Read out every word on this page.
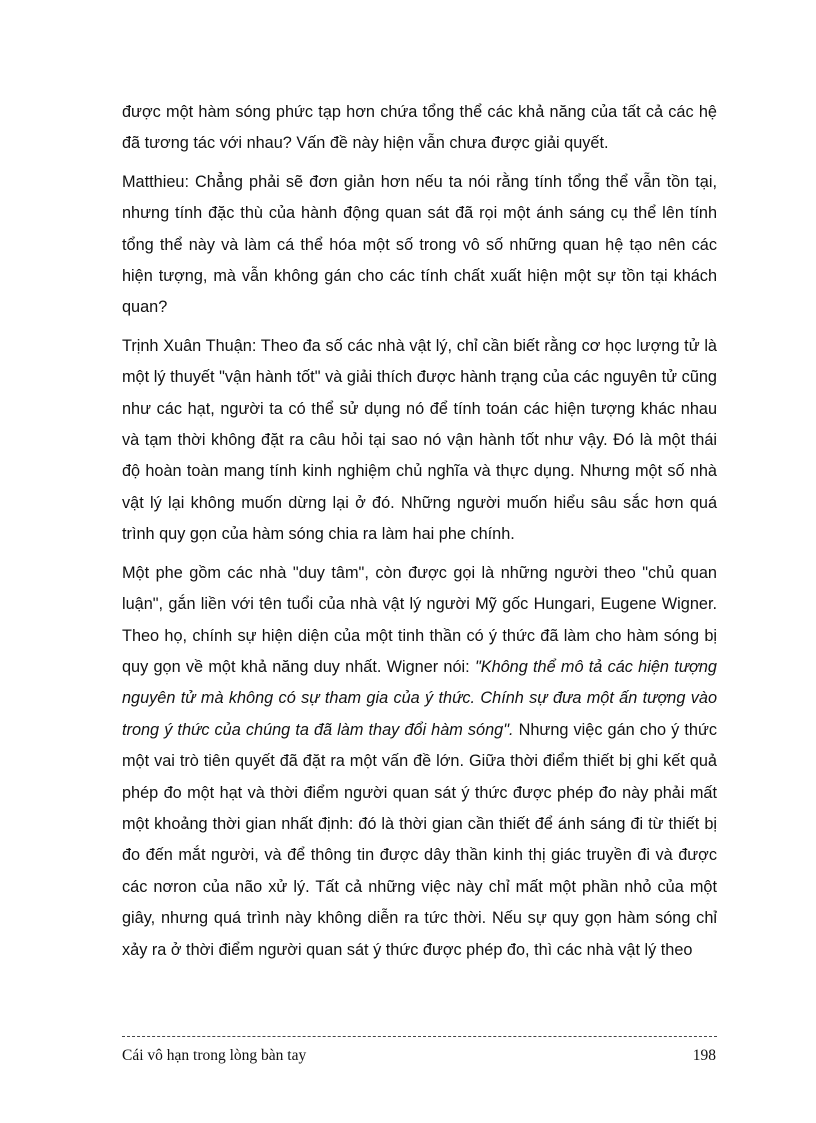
được một hàm sóng phức tạp hơn chứa tổng thể các khả năng của tất cả các hệ đã tương tác với nhau? Vấn đề này hiện vẫn chưa được giải quyết.

Matthieu: Chẳng phải sẽ đơn giản hơn nếu ta nói rằng tính tổng thể vẫn tồn tại, nhưng tính đặc thù của hành động quan sát đã rọi một ánh sáng cụ thể lên tính tổng thể này và làm cá thể hóa một số trong vô số những quan hệ tạo nên các hiện tượng, mà vẫn không gán cho các tính chất xuất hiện một sự tồn tại khách quan?

Trịnh Xuân Thuận: Theo đa số các nhà vật lý, chỉ cần biết rằng cơ học lượng tử là một lý thuyết "vận hành tốt" và giải thích được hành trạng của các nguyên tử cũng như các hạt, người ta có thể sử dụng nó để tính toán các hiện tượng khác nhau và tạm thời không đặt ra câu hỏi tại sao nó vận hành tốt như vậy. Đó là một thái độ hoàn toàn mang tính kinh nghiệm chủ nghĩa và thực dụng. Nhưng một số nhà vật lý lại không muốn dừng lại ở đó. Những người muốn hiểu sâu sắc hơn quá trình quy gọn của hàm sóng chia ra làm hai phe chính.

Một phe gồm các nhà "duy tâm", còn được gọi là những người theo "chủ quan luận", gắn liền với tên tuổi của nhà vật lý người Mỹ gốc Hungari, Eugene Wigner. Theo họ, chính sự hiện diện của một tinh thần có ý thức đã làm cho hàm sóng bị quy gọn về một khả năng duy nhất. Wigner nói: "Không thể mô tả các hiện tượng nguyên tử mà không có sự tham gia của ý thức. Chính sự đưa một ấn tượng vào trong ý thức của chúng ta đã làm thay đổi hàm sóng". Nhưng việc gán cho ý thức một vai trò tiên quyết đã đặt ra một vấn đề lớn. Giữa thời điểm thiết bị ghi kết quả phép đo một hạt và thời điểm người quan sát ý thức được phép đo này phải mất một khoảng thời gian nhất định: đó là thời gian cần thiết để ánh sáng đi từ thiết bị đo đến mắt người, và để thông tin được dây thần kinh thị giác truyền đi và được các nơron của não xử lý. Tất cả những việc này chỉ mất một phần nhỏ của một giây, nhưng quá trình này không diễn ra tức thời. Nếu sự quy gọn hàm sóng chỉ xảy ra ở thời điểm người quan sát ý thức được phép đo, thì các nhà vật lý theo

Cái vô hạn trong lòng bàn tay	198
